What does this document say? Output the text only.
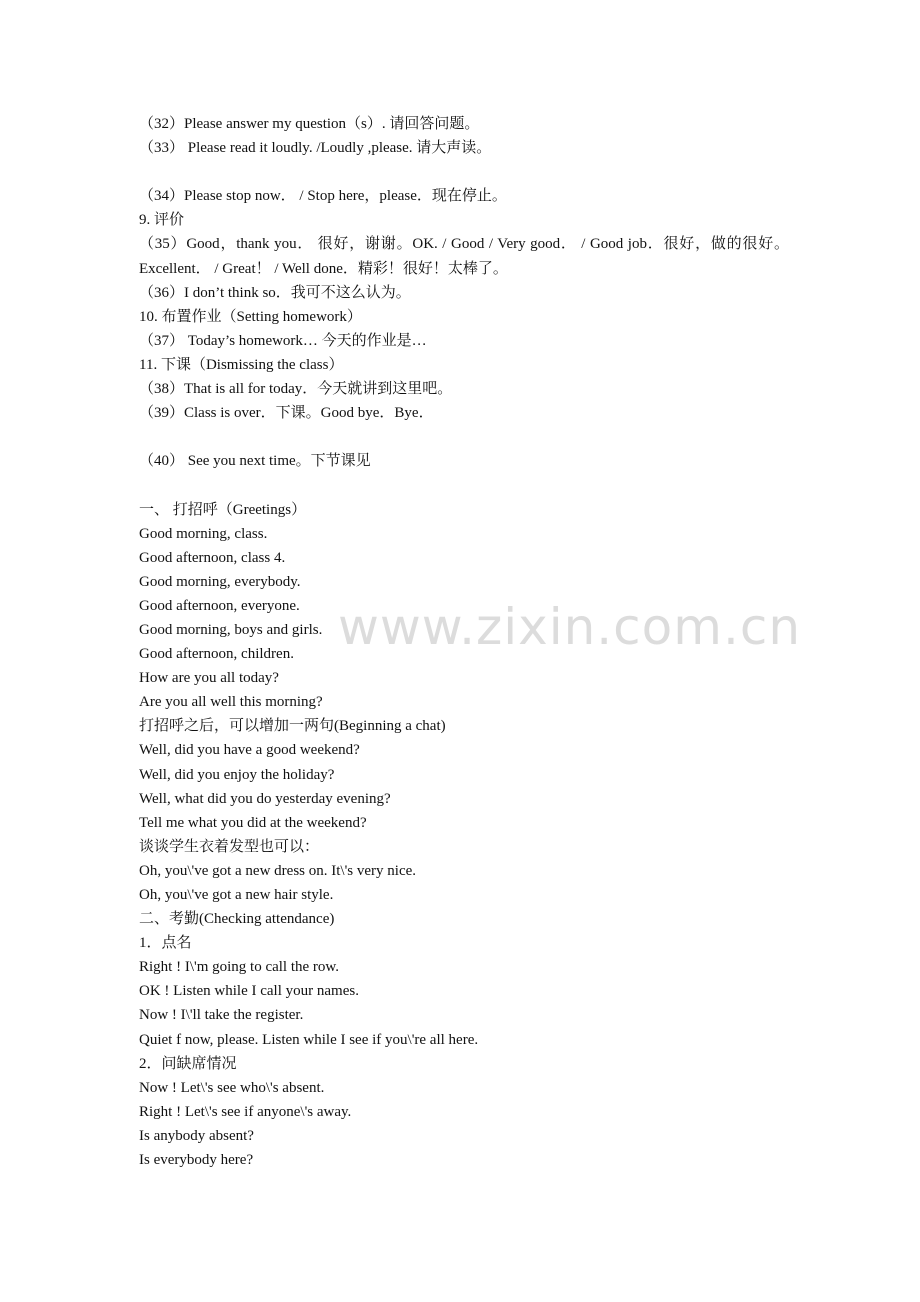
www.zixin.com.cn
（32）Please answer my question（s）. 请回答问题。
（33） Please read it loudly. /Loudly ,please. 请大声读。
（34）Please stop now． / Stop here，please．现在停止。
9. 评价
（35）Good，thank you． 很好，谢谢。OK. / Good / Very good． / Good job．很好，做的很好。 Excellent． / Great！ / Well done．精彩！很好！太棒了。
（36）I don’t think so．我可不这么认为。
10. 布置作业（Setting homework）
（37） Today’s homework… 今天的作业是…
11. 下课（Dismissing the class）
（38）That is all for today．今天就讲到这里吧。
（39）Class is over．下课。Good bye．Bye．
（40） See you next time。下节课见
一、 打招呼（Greetings）
Good morning, class.
Good afternoon, class 4.
Good morning, everybody.
Good afternoon, everyone.
Good morning, boys and girls.
Good afternoon, children.
How are you all today?
Are you all well this morning?
打招呼之后，可以增加一两句(Beginning a chat)
Well, did you have a good weekend?
Well, did you enjoy the holiday?
Well, what did you do yesterday evening?
Tell me what you did at the weekend?
谈谈学生衣着发型也可以：
Oh, you\'ve got a new dress on. It\'s very nice.
Oh, you\'ve got a new hair style.
二、考勤(Checking attendance)
1．点名
Right ! I\'m going to call the row.
OK ! Listen while I call your names.
Now ! I\'ll take the register.
Quiet f now, please. Listen while I see if you\'re all here.
2．问缺席情况
Now ! Let\'s see who\'s absent.
Right ! Let\'s see if anyone\'s away.
Is anybody absent?
Is everybody here?
